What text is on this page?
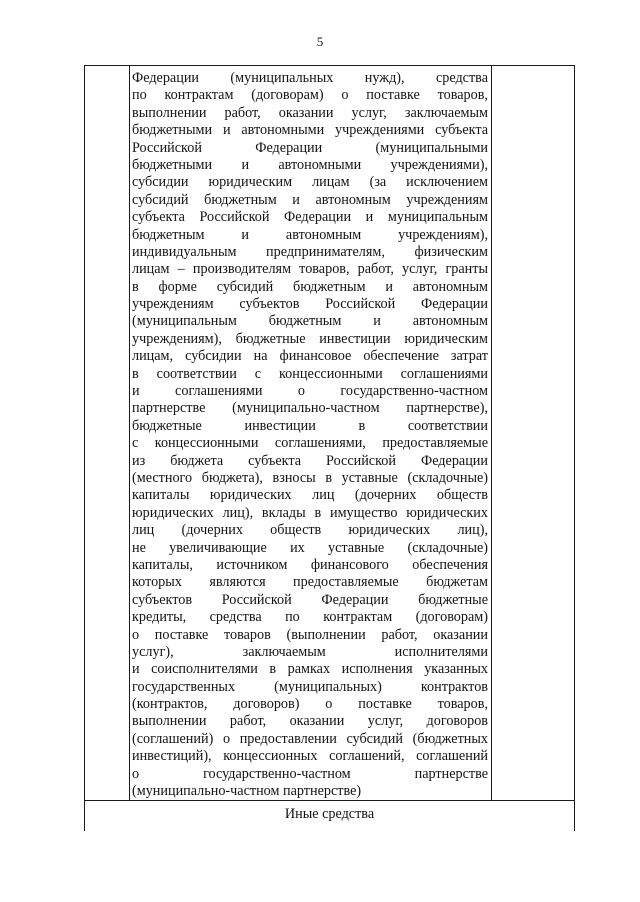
5
Федерации (муниципальных нужд), средства
по контрактам (договорам) о поставке товаров,
выполнении работ, оказании услуг, заключаемым
бюджетными и автономными учреждениями субъекта
Российской Федерации (муниципальными
бюджетными и автономными учреждениями),
субсидии юридическим лицам (за исключением
субсидий бюджетным и автономным учреждениям
субъекта Российской Федерации и муниципальным
бюджетным и автономным учреждениям),
индивидуальным предпринимателям, физическим
лицам – производителям товаров, работ, услуг, гранты
в форме субсидий бюджетным и автономным
учреждениям субъектов Российской Федерации
(муниципальным бюджетным и автономным
учреждениям), бюджетные инвестиции юридическим
лицам, субсидии на финансовое обеспечение затрат
в соответствии с концессионными соглашениями
и соглашениями о государственно-частном
партнерстве (муниципально-частном партнерстве),
бюджетные инвестиции в соответствии
с концессионными соглашениями, предоставляемые
из бюджета субъекта Российской Федерации
(местного бюджета), взносы в уставные (складочные)
капиталы юридических лиц (дочерних обществ
юридических лиц), вклады в имущество юридических
лиц (дочерних обществ юридических лиц),
не увеличивающие их уставные (складочные)
капиталы, источником финансового обеспечения
которых являются предоставляемые бюджетам
субъектов Российской Федерации бюджетные
кредиты, средства по контрактам (договорам)
о поставке товаров (выполнении работ, оказании
услуг), заключаемым исполнителями
и соисполнителями в рамках исполнения указанных
государственных (муниципальных) контрактов
(контрактов, договоров) о поставке товаров,
выполнении работ, оказании услуг, договоров
(соглашений) о предоставлении субсидий (бюджетных
инвестиций), концессионных соглашений, соглашений
о государственно-частном партнерстве
(муниципально-частном партнерстве)
Иные средства
